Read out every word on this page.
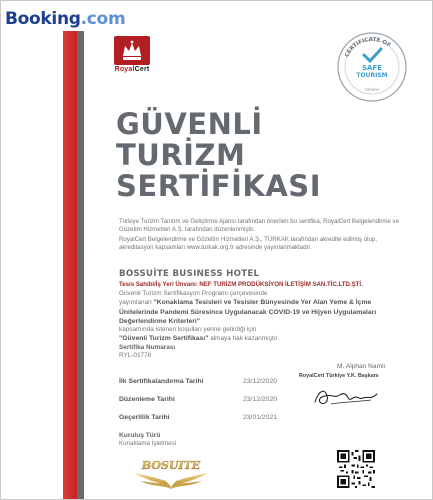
Booking.com
RoyalCert
CERTIFICATE OF
SAFE
TOURISM
TÜRKİYE
GÜVENLİ
TURİZM
SERTİFİKASI
Türkiye Turizm Tanıtım ve Geliştirme Ajansı tarafından önerilen bu sertifika, RoyalCert Belgelendirme ve Gözetim Hizmetleri A.Ş. tarafından düzenlenmiştir.
RoyalCert Belgelendirme ve Gözetim Hizmetleri A.Ş., TÜRKAK tarafından akredite edilmiş olup, akreditasyon kapsamları www.turkak.org.tr adresinde yayınlanmaktadır.
BOSSUİTE BUSINESS HOTEL
Tesis Sahibi/İş Yeri Ünvanı: NEF TURİZM PRODÜKSİYON İLETİŞİM SAN.TİC.LTD.ŞTİ.
Güvenli Turizm Sertifikasyon Programı çerçevesinde
yayımlanan "Konaklama Tesisleri ve Tesisler Bünyesinde Yer Alan Yeme & İçme Ünitelerinde Pandemi Süresince Uygulanacak COVID-19 ve Hijyen Uygulamaları Değerlendirme Kriterleri"
kapsamında istenen koşulları yerine getirdiği için
"Güvenli Turizm Sertifikası" almaya hak kazanmıştır.
Sertifika Numarası
RYL-01778
M. Alphan Namlı
RoyalCert Türkiye Y.K. Başkanı
İlk Sertifikalandırma Tarihi	23/12/2020
Düzenleme Tarihi	23/12/2020
Geçerlilik Tarihi	23/01/2021
Kuruluş Türü
Konaklama İşletmesi
BOSUITE
